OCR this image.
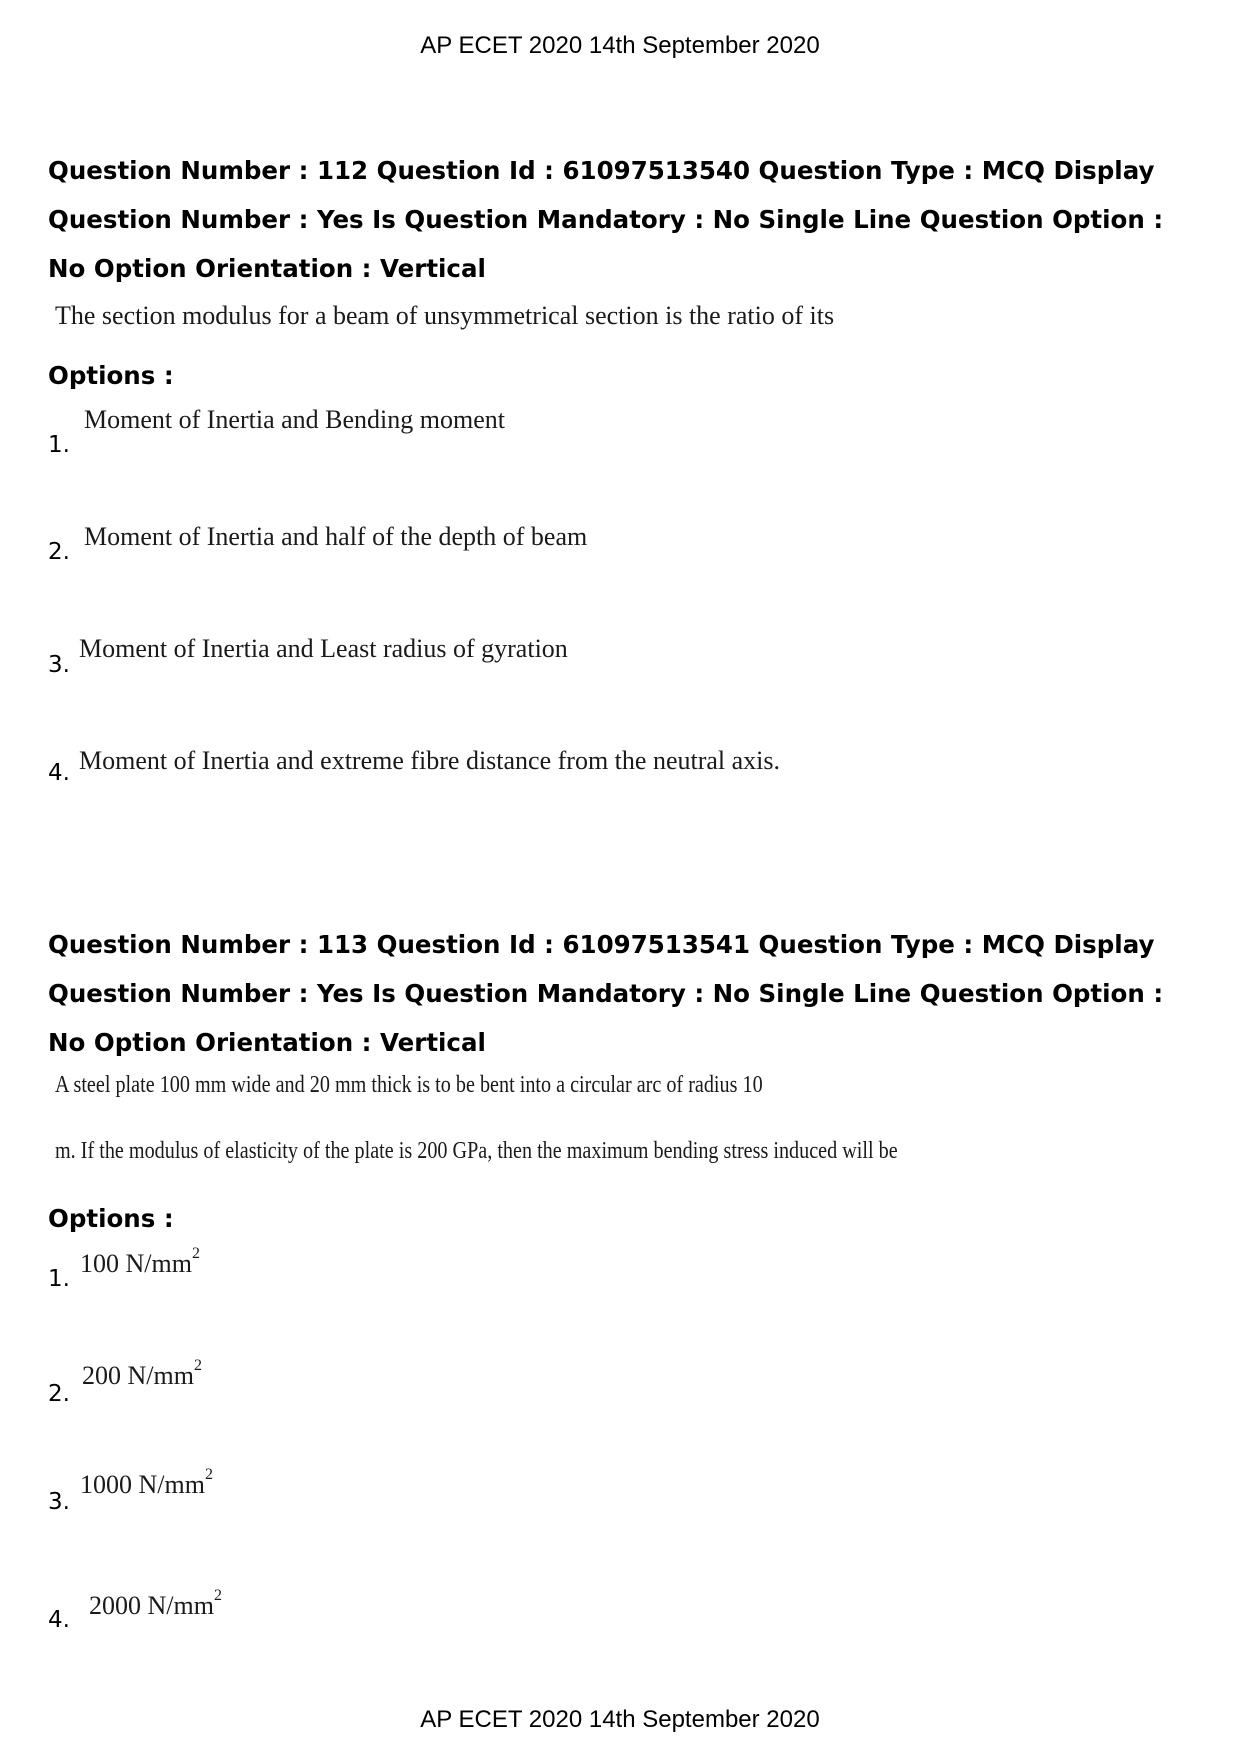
AP ECET 2020 14th September 2020
Question Number : 112 Question Id : 61097513540 Question Type : MCQ Display Question Number : Yes Is Question Mandatory : No Single Line Question Option : No Option Orientation : Vertical
The section modulus for a beam of unsymmetrical section is the ratio of its
Options :
1.
Moment of Inertia and Bending moment
2.
Moment of Inertia and half of the depth of beam
3.
Moment of Inertia and Least radius of gyration
4. Moment of Inertia and extreme fibre distance from the neutral axis.
Question Number : 113 Question Id : 61097513541 Question Type : MCQ Display Question Number : Yes Is Question Mandatory : No Single Line Question Option : No Option Orientation : Vertical
A steel plate 100 mm wide and 20 mm thick is to be bent into a circular arc of radius 10
m. If the modulus of elasticity of the plate is 200 GPa, then the maximum bending stress induced will be
Options :
1.
100 $N/mm^2$
2.
200 $N/mm^2$
3.
1000 $N/mm^2$
4. 2000 $N/mm^2$
AP ECET 2020 14th September 2020
